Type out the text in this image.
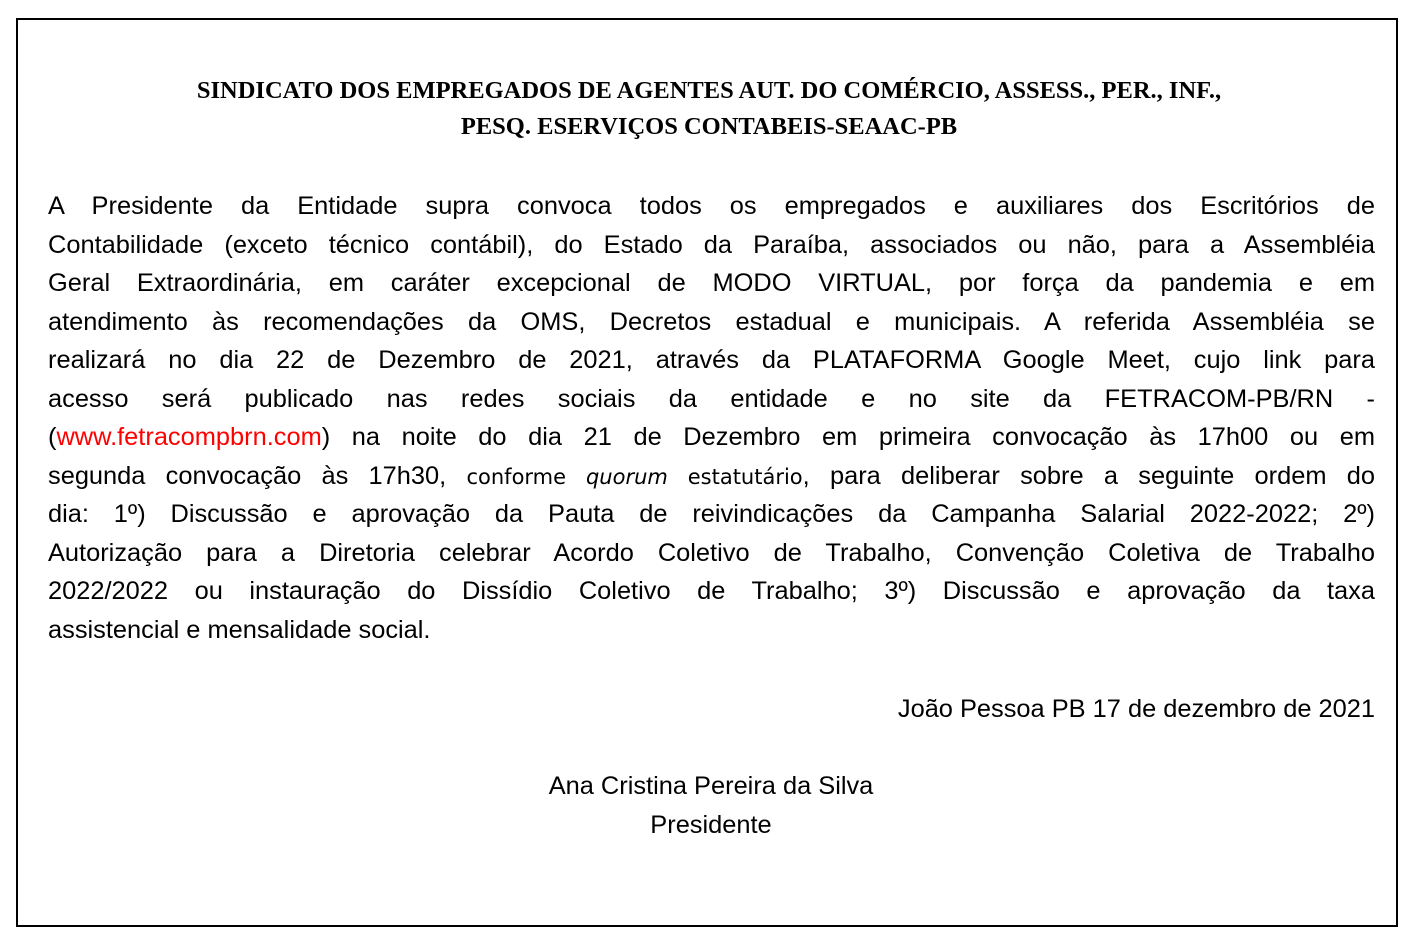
SINDICATO DOS EMPREGADOS DE AGENTES AUT. DO COMÉRCIO, ASSESS., PER., INF.,
PESQ. ESERVIÇOS CONTABEIS-SEAAC-PB
A Presidente da Entidade supra convoca todos os empregados e auxiliares dos Escritórios de
Contabilidade (exceto técnico contábil), do Estado da Paraíba, associados ou não, para a Assembléia
Geral Extraordinária, em caráter excepcional de MODO VIRTUAL, por força da pandemia e em
atendimento às recomendações da OMS, Decretos estadual e municipais. A referida Assembléia se
realizará no dia 22 de Dezembro de 2021, através da PLATAFORMA Google Meet, cujo link para
acesso será publicado nas redes sociais da entidade e no site da FETRACOM-PB/RN -
(www.fetracompbrn.com) na noite do dia 21 de Dezembro em primeira convocação às 17h00 ou em
segunda convocação às 17h30, conforme quorum estatutário, para deliberar sobre a seguinte ordem do
dia: 1º) Discussão e aprovação da Pauta de reivindicações da Campanha Salarial 2022-2022; 2º)
Autorização para a Diretoria celebrar Acordo Coletivo de Trabalho, Convenção Coletiva de Trabalho
2022/2022 ou instauração do Dissídio Coletivo de Trabalho; 3º) Discussão e aprovação da taxa
assistencial e mensalidade social.
João Pessoa PB 17 de dezembro de 2021
Ana Cristina Pereira da Silva
Presidente
